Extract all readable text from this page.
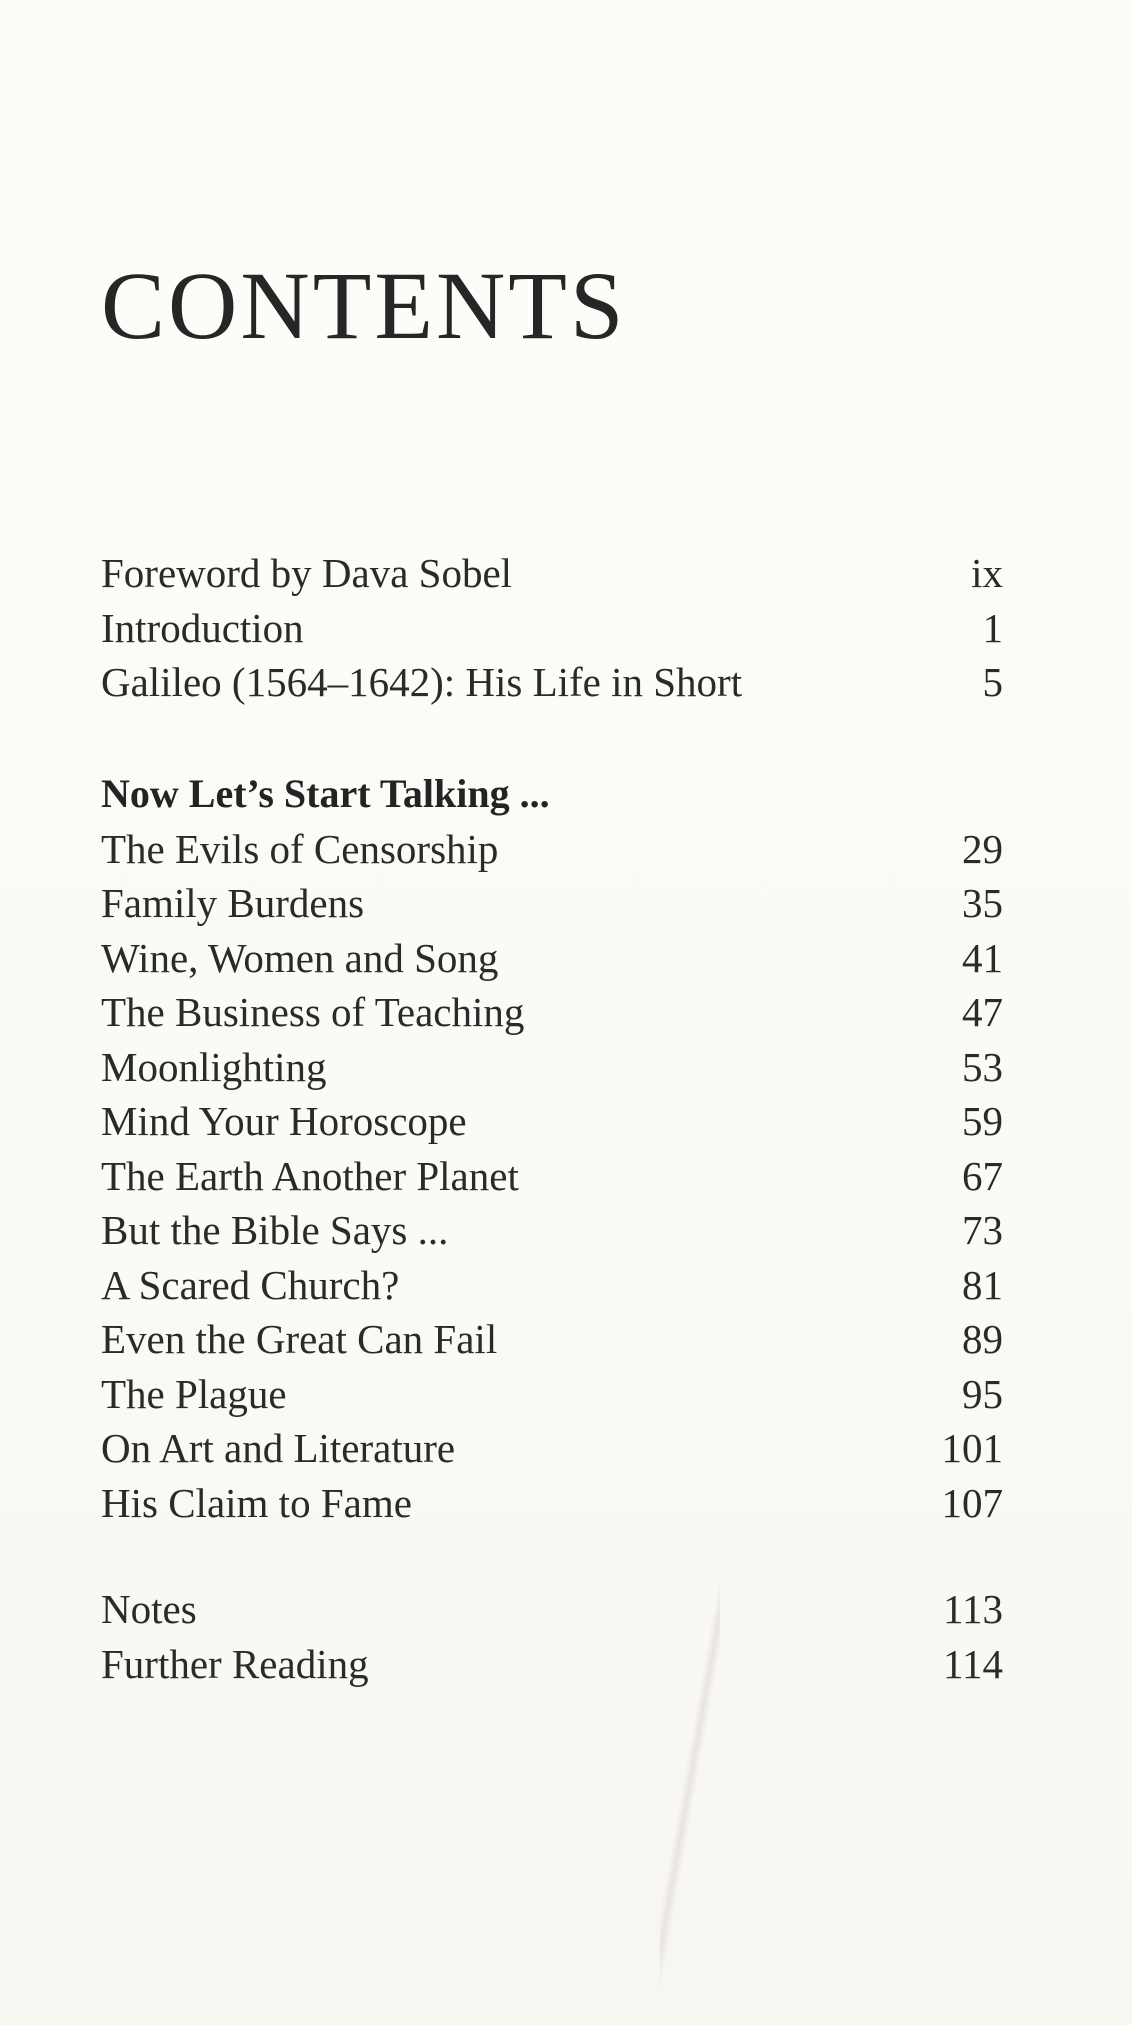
CONTENTS
Foreword by Dava Sobel	ix
Introduction	1
Galileo (1564–1642): His Life in Short	5
Now Let’s Start Talking ...
The Evils of Censorship	29
Family Burdens	35
Wine, Women and Song	41
The Business of Teaching	47
Moonlighting	53
Mind Your Horoscope	59
The Earth Another Planet	67
But the Bible Says ...	73
A Scared Church?	81
Even the Great Can Fail	89
The Plague	95
On Art and Literature	101
His Claim to Fame	107
Notes	113
Further Reading	114
